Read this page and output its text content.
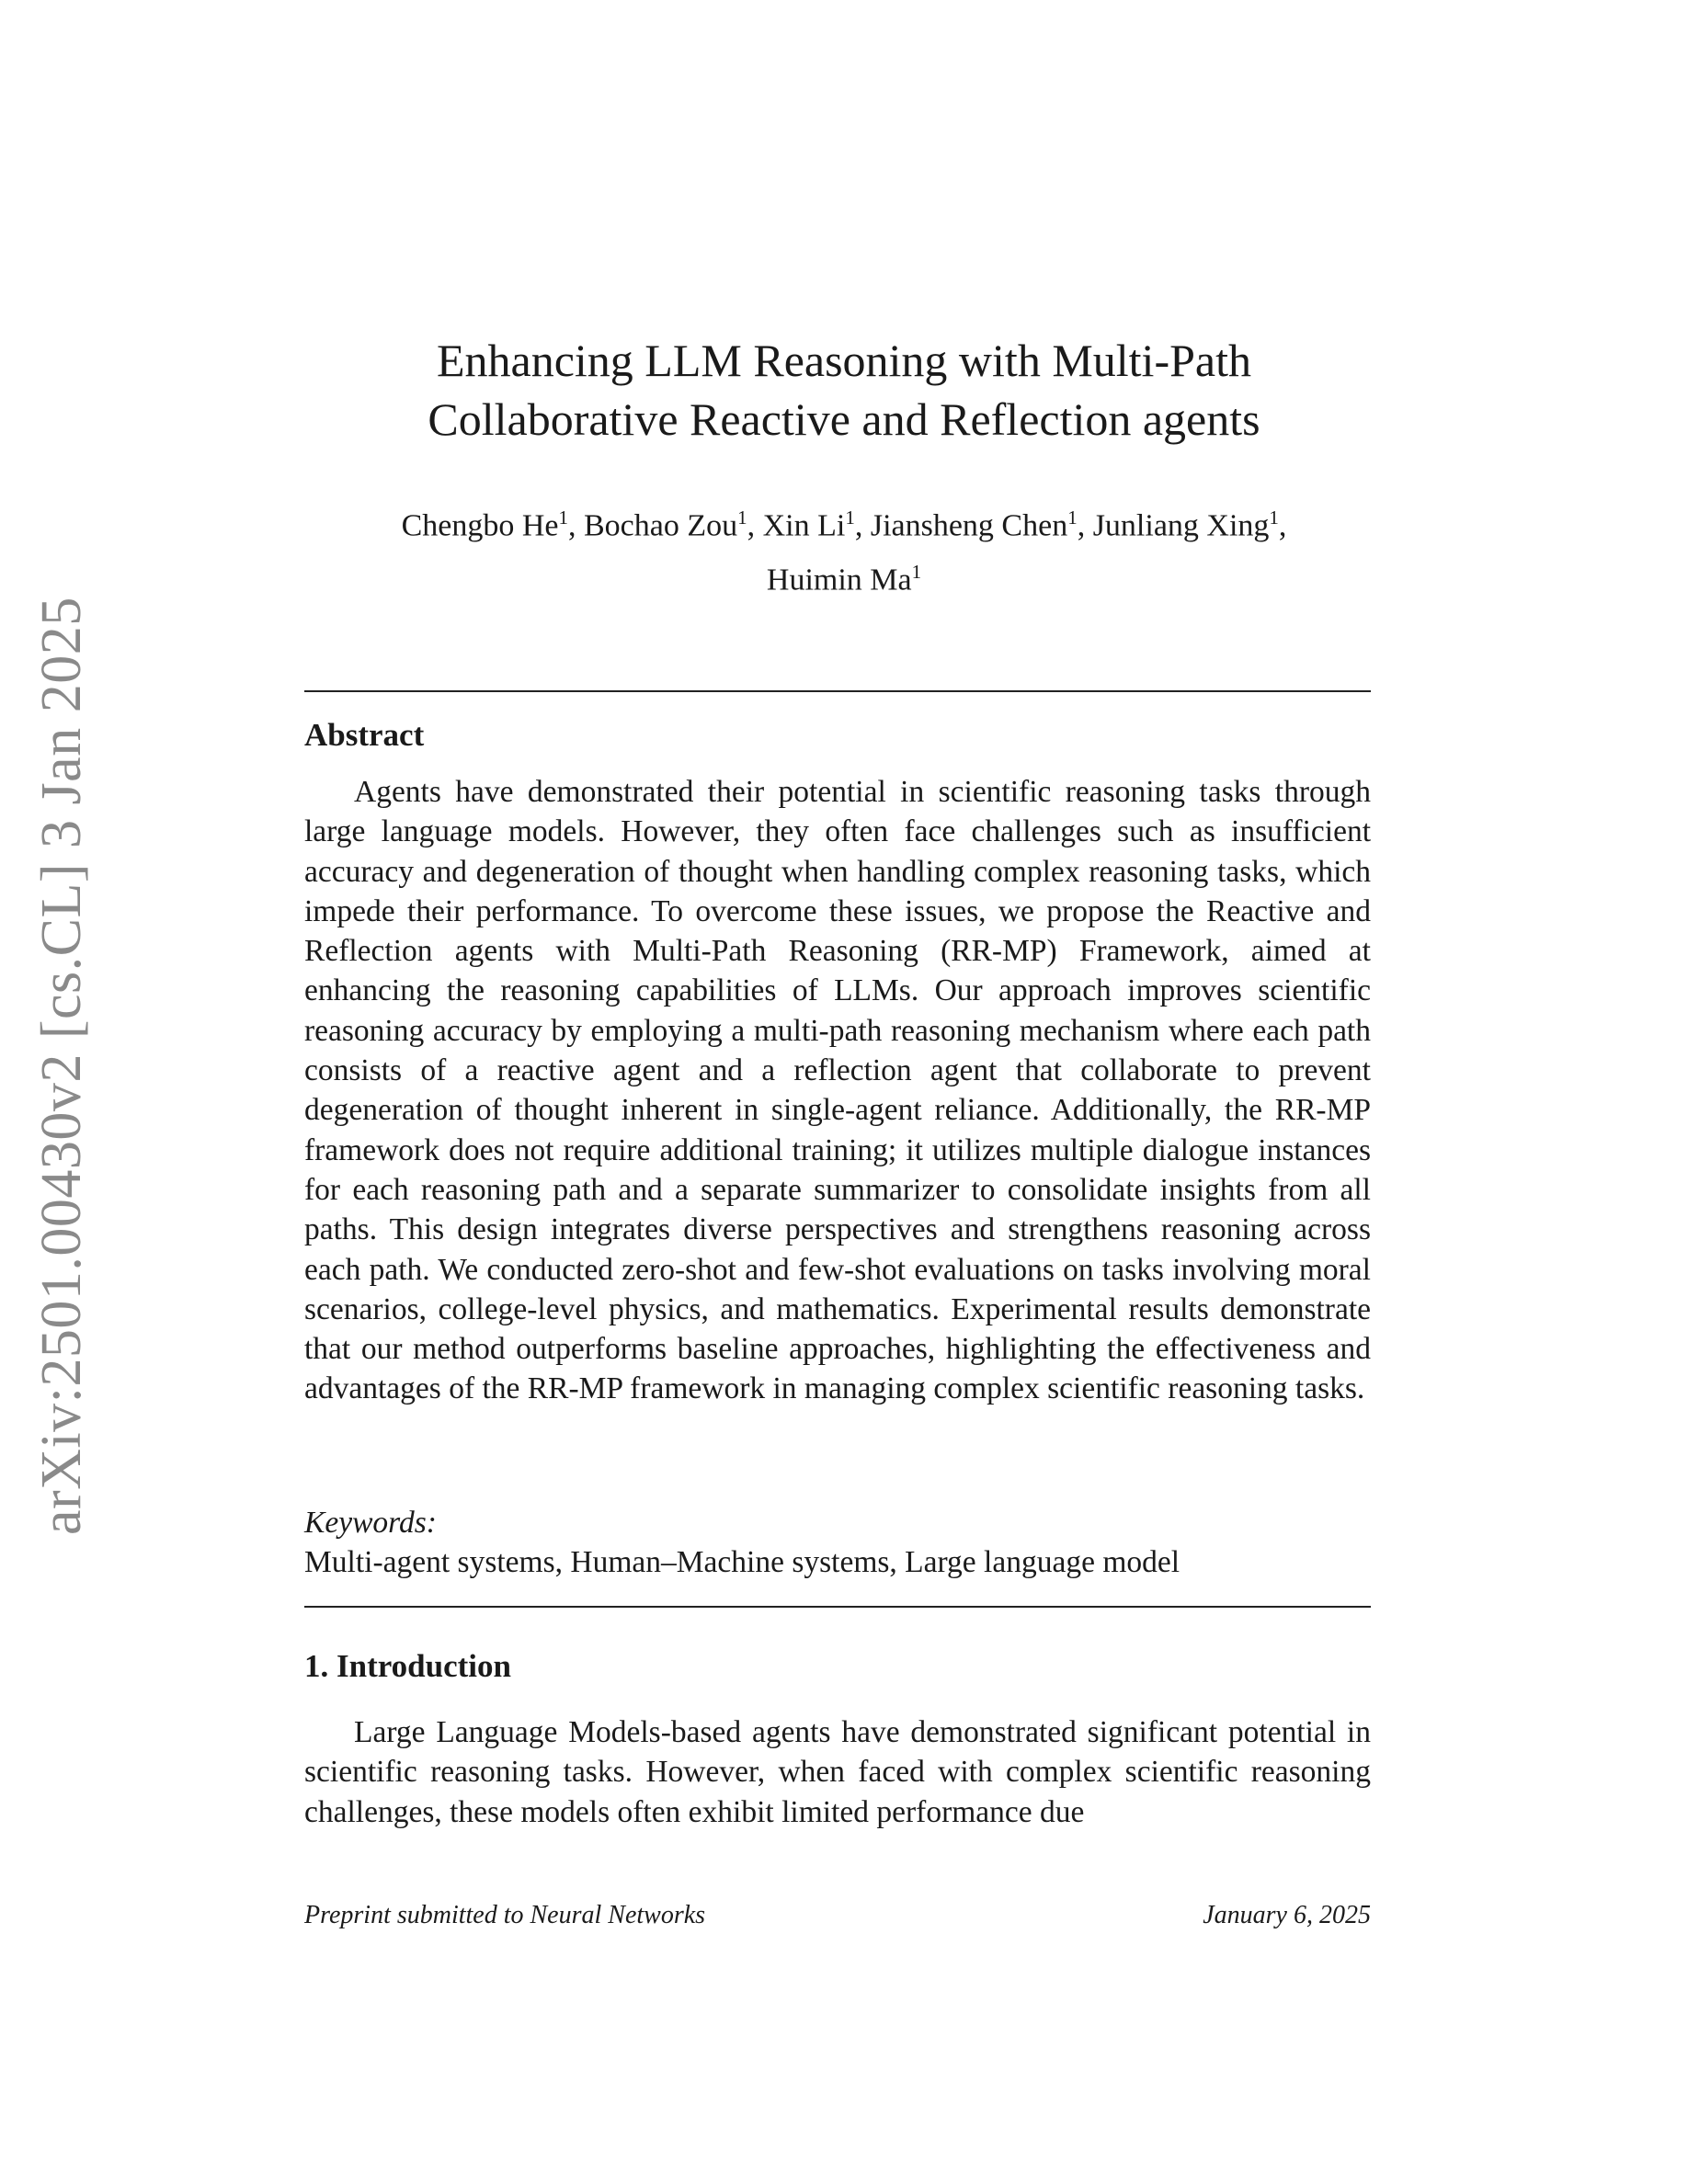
arXiv:2501.00430v2 [cs.CL] 3 Jan 2025
Enhancing LLM Reasoning with Multi-Path
Collaborative Reactive and Reflection agents

Chengbo He$^1$, Bochao Zou$^1$, Xin Li$^1$, Jiansheng Chen$^1$, Junliang Xing$^1$,
Huimin Ma$^1$

Abstract

Agents have demonstrated their potential in scientific reasoning tasks through large language models. However, they often face challenges such as insufficient accuracy and degeneration of thought when handling complex reasoning tasks, which impede their performance. To overcome these issues, we propose the Reactive and Reflection agents with Multi-Path Reasoning (RR-MP) Framework, aimed at enhancing the reasoning capabilities of LLMs. Our approach improves scientific reasoning accuracy by employing a multi-path reasoning mechanism where each path consists of a reactive agent and a reflection agent that collaborate to prevent degeneration of thought inherent in single-agent reliance. Additionally, the RR-MP framework does not require additional training; it utilizes multiple dialogue instances for each reasoning path and a separate summarizer to consolidate insights from all paths. This design integrates diverse perspectives and strengthens reasoning across each path. We conducted zero-shot and few-shot evaluations on tasks involving moral scenarios, college-level physics, and mathematics. Experimental results demonstrate that our method outperforms baseline approaches, highlighting the effectiveness and advantages of the RR-MP framework in managing complex scientific reasoning tasks.

Keywords:

Multi-agent systems, Human–Machine systems, Large language model

1. Introduction

Large Language Models-based agents have demonstrated significant potential in scientific reasoning tasks. However, when faced with complex scientific reasoning challenges, these models often exhibit limited performance due

Preprint submitted to Neural Networks	January 6, 2025
